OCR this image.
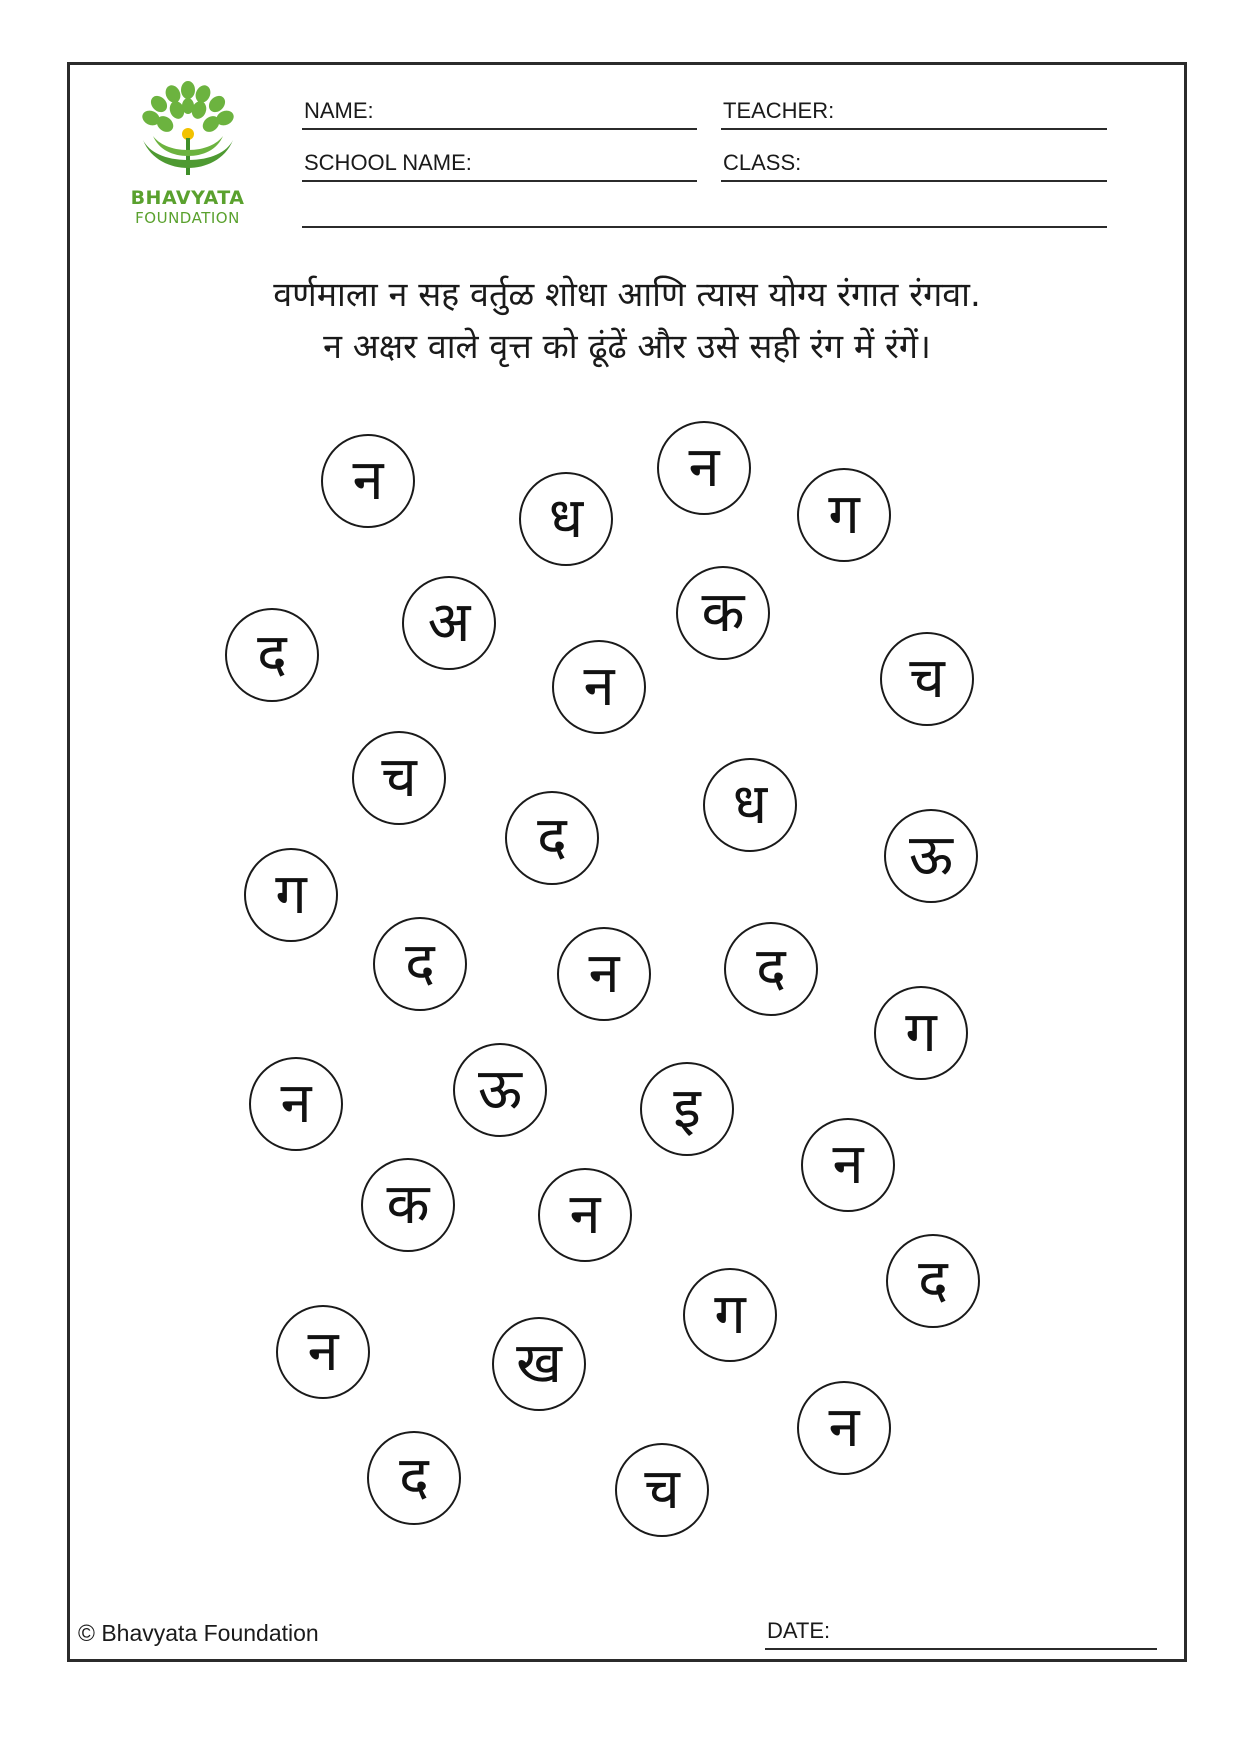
BHAVYATA
FOUNDATION
NAME:	TEACHER:
SCHOOL NAME:	CLASS:
वर्णमाला न सह वर्तुळ शोधा आणि त्यास योग्य रंगात रंगवा.
न अक्षर वाले वृत्त को ढूंढें और उसे सही रंग में रंगें।
न
ध
न
ग
द	अ	क
न	च
च	ध
द	ऊ
ग
द	न	द
ग
न	ऊ	इ
न
क	न
द
ग
न	ख
न
द	च
© Bhavyata Foundation	DATE:
